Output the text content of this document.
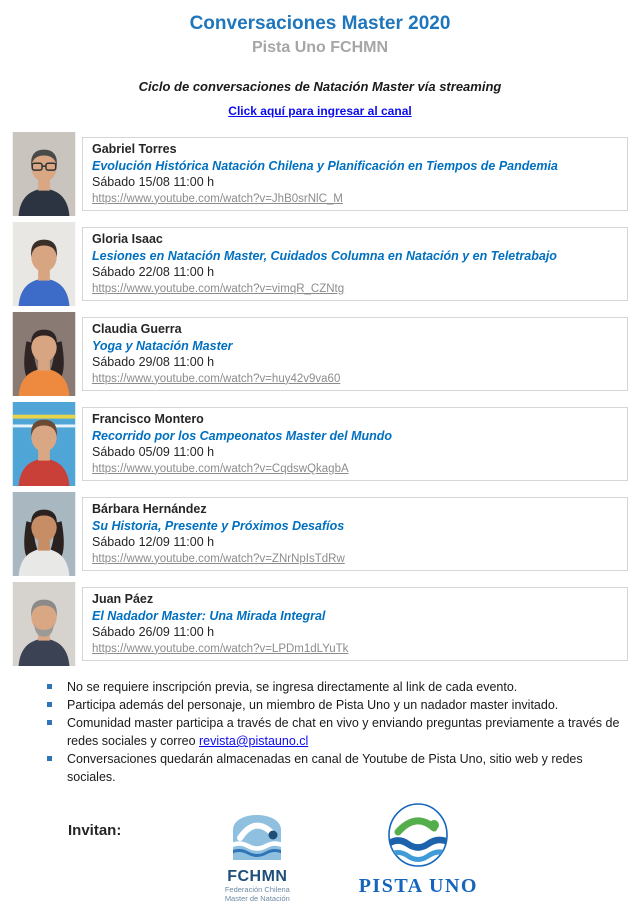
Conversaciones Master 2020
Pista Uno FCHMN
Ciclo de conversaciones de Natación Master vía streaming
Click aquí para ingresar al canal
Gabriel Torres
Evolución Histórica Natación Chilena y Planificación en Tiempos de Pandemia
Sábado 15/08 11:00 h
https://www.youtube.com/watch?v=JhB0srNlC_M
Gloria Isaac
Lesiones en Natación Master, Cuidados Columna en Natación y en Teletrabajo
Sábado 22/08 11:00 h
https://www.youtube.com/watch?v=vimqR_CZNtg
Claudia Guerra
Yoga y Natación Master
Sábado 29/08 11:00 h
https://www.youtube.com/watch?v=huy42v9va60
Francisco Montero
Recorrido por los Campeonatos Master del Mundo
Sábado 05/09 11:00 h
https://www.youtube.com/watch?v=CqdswQkagbA
Bárbara Hernández
Su Historia, Presente y Próximos Desafíos
Sábado 12/09 11:00 h
https://www.youtube.com/watch?v=ZNrNpIsTdRw
Juan Páez
El Nadador Master: Una Mirada Integral
Sábado 26/09 11:00 h
https://www.youtube.com/watch?v=LPDm1dLYuTk
No se requiere inscripción previa, se ingresa directamente al link de cada evento.
Participa además del personaje, un miembro de Pista Uno y un nadador master invitado.
Comunidad master participa a través de chat en vivo y enviando preguntas previamente a través de redes sociales y correo revista@pistauno.cl
Conversaciones quedarán almacenadas en canal de Youtube de Pista Uno, sitio web y redes sociales.
Invitan:
FCHMN
Federación Chilena
Master de Natación
PISTA UNO
